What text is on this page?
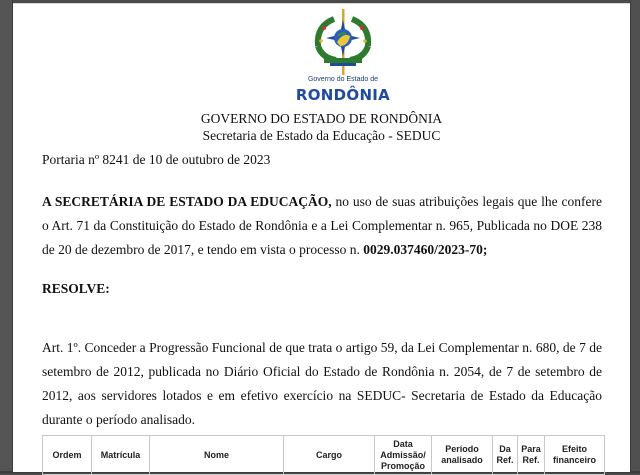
Governo do Estado de
RONDÔNIA
GOVERNO DO ESTADO DE RONDÔNIA
Secretaria de Estado da Educação - SEDUC
Portaria nº 8241 de 10 de outubro de 2023
A SECRETÁRIA DE ESTADO DA EDUCAÇÃO, no uso de suas atribuições legais que lhe confere o Art. 71 da Constituição do Estado de Rondônia e a Lei Complementar n. 965, Publicada no DOE 238 de 20 de dezembro de 2017, e tendo em vista o processo n. 0029.037460/2023-70;
RESOLVE:
Art. 1º. Conceder a Progressão Funcional de que trata o artigo 59, da Lei Complementar n. 680, de 7 de setembro de 2012, publicada no Diário Oficial do Estado de Rondônia n. 2054, de 7 de setembro de 2012, aos servidores lotados e em efetivo exercício na SEDUC- Secretaria de Estado da Educação durante o período analisado.
Ordem	Matrícula	Nome	Cargo	Data Admissão/ Promoção	Período analisado	Da Ref.	Para Ref.	Efeito financeiro
